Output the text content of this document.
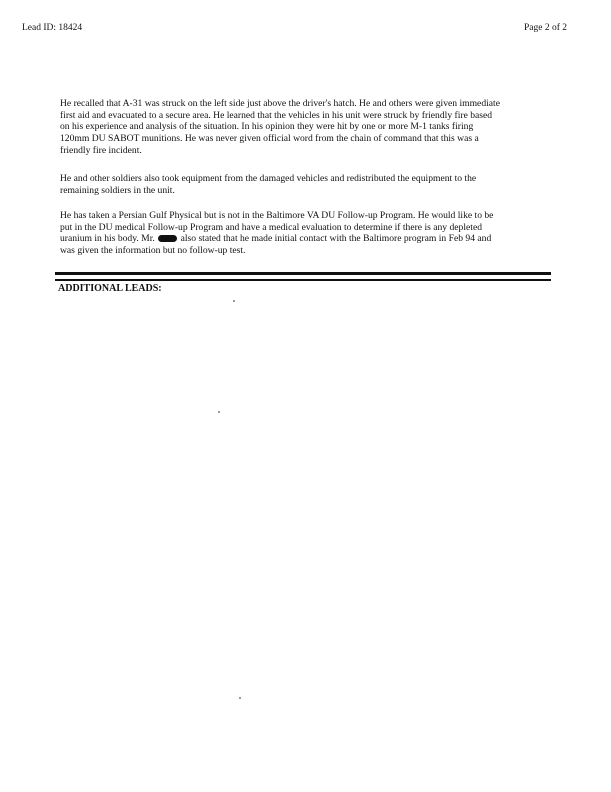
Lead ID: 18424	Page 2 of 2
He recalled that A-31 was struck on the left side just above the driver's hatch. He and others were given immediate
first aid and evacuated to a secure area. He learned that the vehicles in his unit were struck by friendly fire based
on his experience and analysis of the situation. In his opinion they were hit by one or more M-1 tanks firing
120mm DU SABOT munitions. He was never given official word from the chain of command that this was a
friendly fire incident.
He and other soldiers also took equipment from the damaged vehicles and redistributed the equipment to the
remaining soldiers in the unit.
He has taken a Persian Gulf Physical but is not in the Baltimore VA DU Follow-up Program. He would like to be
put in the DU medical Follow-up Program and have a medical evaluation to determine if there is any depleted
uranium in his body. Mr.	also stated that he made initial contact with the Baltimore program in Feb 94 and
was given the information but no follow-up test.
ADDITIONAL LEADS:
